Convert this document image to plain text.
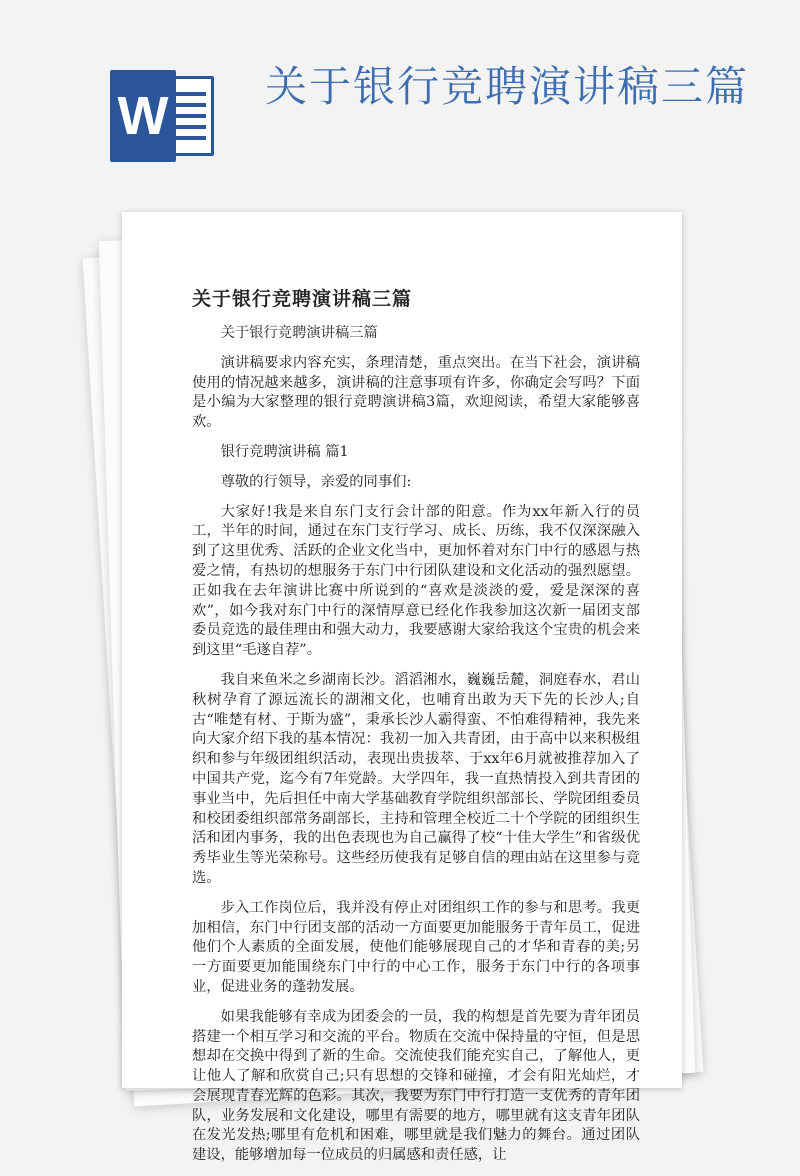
W 关于银行竞聘演讲稿三篇
关于银行竞聘演讲稿三篇

关于银行竞聘演讲稿三篇

演讲稿要求内容充实，条理清楚，重点突出。在当下社会，演讲稿使用的情况越来越多，演讲稿的注意事项有许多，你确定会写吗？下面是小编为大家整理的银行竞聘演讲稿3篇，欢迎阅读，希望大家能够喜欢。

银行竞聘演讲稿 篇1

尊敬的行领导，亲爱的同事们:

大家好!我是来自东门支行会计部的阳意。作为xx年新入行的员工，半年的时间，通过在东门支行学习、成长、历练，我不仅深深融入到了这里优秀、活跃的企业文化当中，更加怀着对东门中行的感恩与热爱之情，有热切的想服务于东门中行团队建设和文化活动的强烈愿望。正如我在去年演讲比赛中所说到的“喜欢是淡淡的爱，爱是深深的喜欢”，如今我对东门中行的深情厚意已经化作我参加这次新一届团支部委员竞选的最佳理由和强大动力，我要感谢大家给我这个宝贵的机会来到这里“毛遂自荐”。

我自来鱼米之乡湖南长沙。滔滔湘水，巍巍岳麓，洞庭春水，君山秋树孕育了源远流长的湖湘文化，也哺育出敢为天下先的长沙人;自古“唯楚有材、于斯为盛”，秉承长沙人霸得蛮、不怕难得精神，我先来向大家介绍下我的基本情况：我初一加入共青团，由于高中以来积极组织和参与年级团组织活动，表现出贵拔萃、于xx年6月就被推荐加入了中国共产党，迄今有7年党龄。大学四年，我一直热情投入到共青团的事业当中，先后担任中南大学基础教育学院组织部部长、学院团组委员和校团委组织部常务副部长，主持和管理全校近二十个学院的团组织生活和团内事务，我的出色表现也为自己赢得了校“十佳大学生”和省级优秀毕业生等光荣称号。这些经历使我有足够自信的理由站在这里参与竞选。

步入工作岗位后，我并没有停止对团组织工作的参与和思考。我更加相信，东门中行团支部的活动一方面要更加能服务于青年员工，促进他们个人素质的全面发展，使他们能够展现自己的才华和青春的美;另一方面要更加能围绕东门中行的中心工作，服务于东门中行的各项事业，促进业务的蓬勃发展。

如果我能够有幸成为团委会的一员，我的构想是首先要为青年团员搭建一个相互学习和交流的平台。物质在交流中保持量的守恒，但是思想却在交换中得到了新的生命。交流使我们能充实自己，了解他人，更让他人了解和欣赏自己;只有思想的交锋和碰撞，才会有阳光灿烂，才会展现青春光辉的色彩。其次，我要为东门中行打造一支优秀的青年团队，业务发展和文化建设，哪里有需要的地方，哪里就有这支青年团队在发光发热;哪里有危机和困难，哪里就是我们魅力的舞台。通过团队建设，能够增加每一位成员的归属感和责任感，让
